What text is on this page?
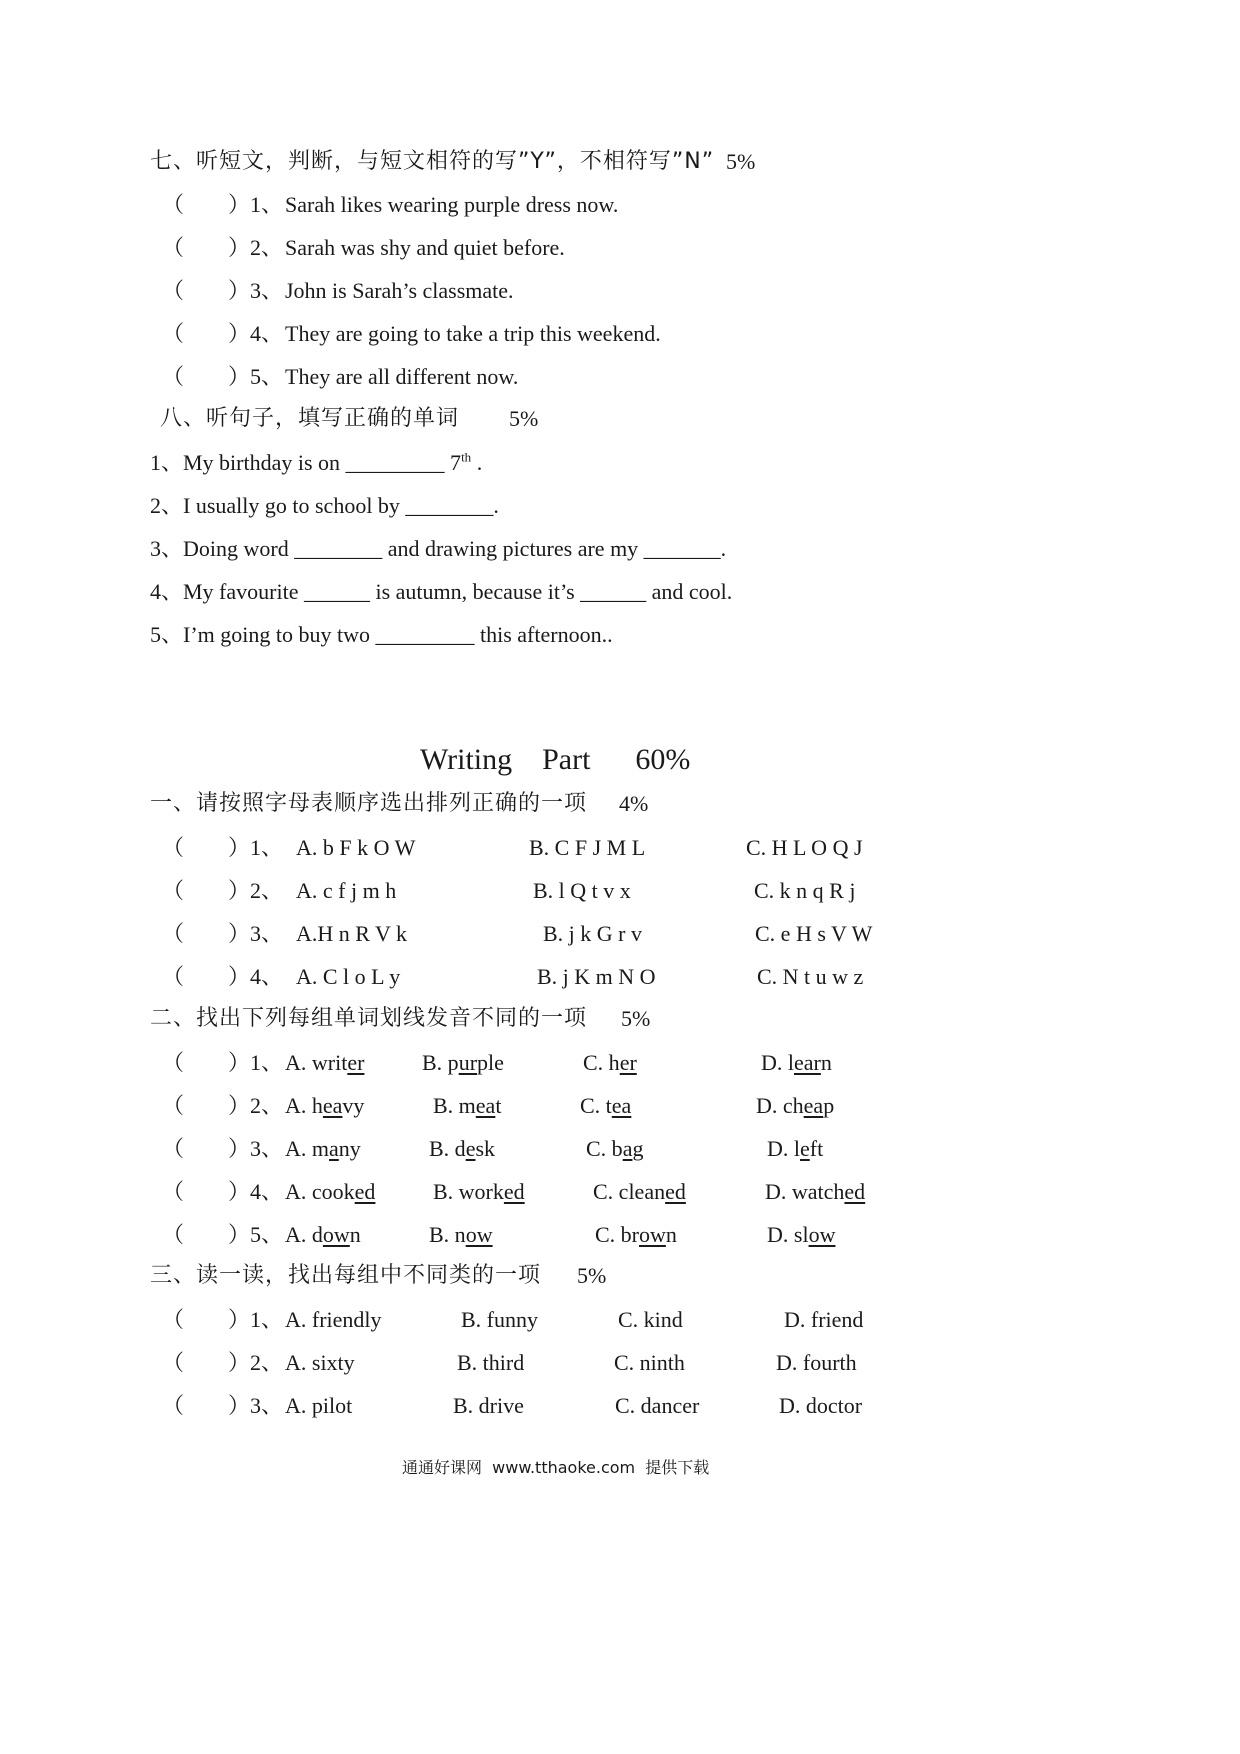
七、听短文，判断，与短文相符的写”Y”，不相符写”N” 5%
（ ）1、 Sarah likes wearing purple dress now.
（ ）2、 Sarah was shy and quiet before.
（ ）3、 John is Sarah’s classmate.
（ ）4、 They are going to take a trip this weekend.
（ ）5、 They are all different now.
八、听句子，填写正确的单词 5%
1、My birthday is on _________ 7th .
2、I usually go to school by ________.
3、Doing word ________ and drawing pictures are my _______.
4、My favourite ______ is autumn, because it’s ______ and cool.
5、I’m going to buy two _________ this afternoon..
Writing    Part      60%
一、请按照字母表顺序选出排列正确的一项 4%
（ ）1、 A. b F k O W	B. C F J M L	C. H L O Q J
（ ）2、 A. c f j m h	B. l Q t v x	C. k n q R j
（ ）3、 A.H n R V k	B. j k G r v	C. e H s V W
（ ）4、 A. C l o L y	B. j K m N O	C. N t u w z
二、找出下列每组单词划线发音不同的一项 5%
（ ）1、 A. writer	B. purple	C. her	D. learn
（ ）2、 A. heavy	B. meat	C. tea	D. cheap
（ ）3、 A. many	B. desk	C. bag	D. left
（ ）4、 A. cooked	B. worked	C. cleaned	D. watched
（ ）5、 A. down	B. now	C. brown	D. slow
三、读一读，找出每组中不同类的一项 5%
（ ）1、 A. friendly	B. funny	C. kind	D. friend
（ ）2、 A. sixty	B. third	C. ninth	D. fourth
（ ）3、 A. pilot	B. drive	C. dancer	D. doctor
通通好课网  www.tthaoke.com  提供下载
